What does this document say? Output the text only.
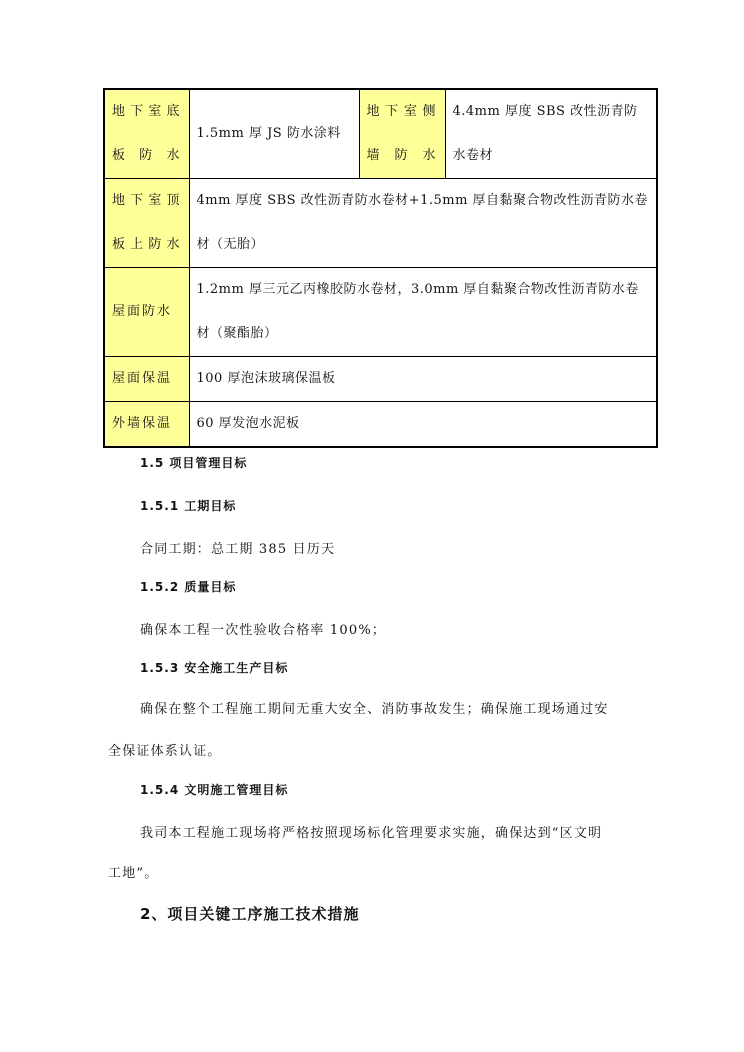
地下室底板防水	1.5mm 厚 JS 防水涂料	地下室侧墙防水	4.4mm 厚度 SBS 改性沥青防水卷材
地下室顶板上防水	4mm 厚度 SBS 改性沥青防水卷材+1.5mm 厚自黏聚合物改性沥青防水卷材（无胎）		
屋面防水	1.2mm 厚三元乙丙橡胶防水卷材，3.0mm 厚自黏聚合物改性沥青防水卷材（聚酯胎）		
屋面保温	100 厚泡沫玻璃保温板		
外墙保温	60 厚发泡水泥板		
1.5 项目管理目标
1.5.1 工期目标
合同工期：总工期 385 日历天
1.5.2 质量目标
确保本工程一次性验收合格率 100%；
1.5.3 安全施工生产目标
确保在整个工程施工期间无重大安全、消防事故发生；确保施工现场通过安
全保证体系认证。
1.5.4 文明施工管理目标
我司本工程施工现场将严格按照现场标化管理要求实施，确保达到“区文明
工地”。
2、项目关键工序施工技术措施
